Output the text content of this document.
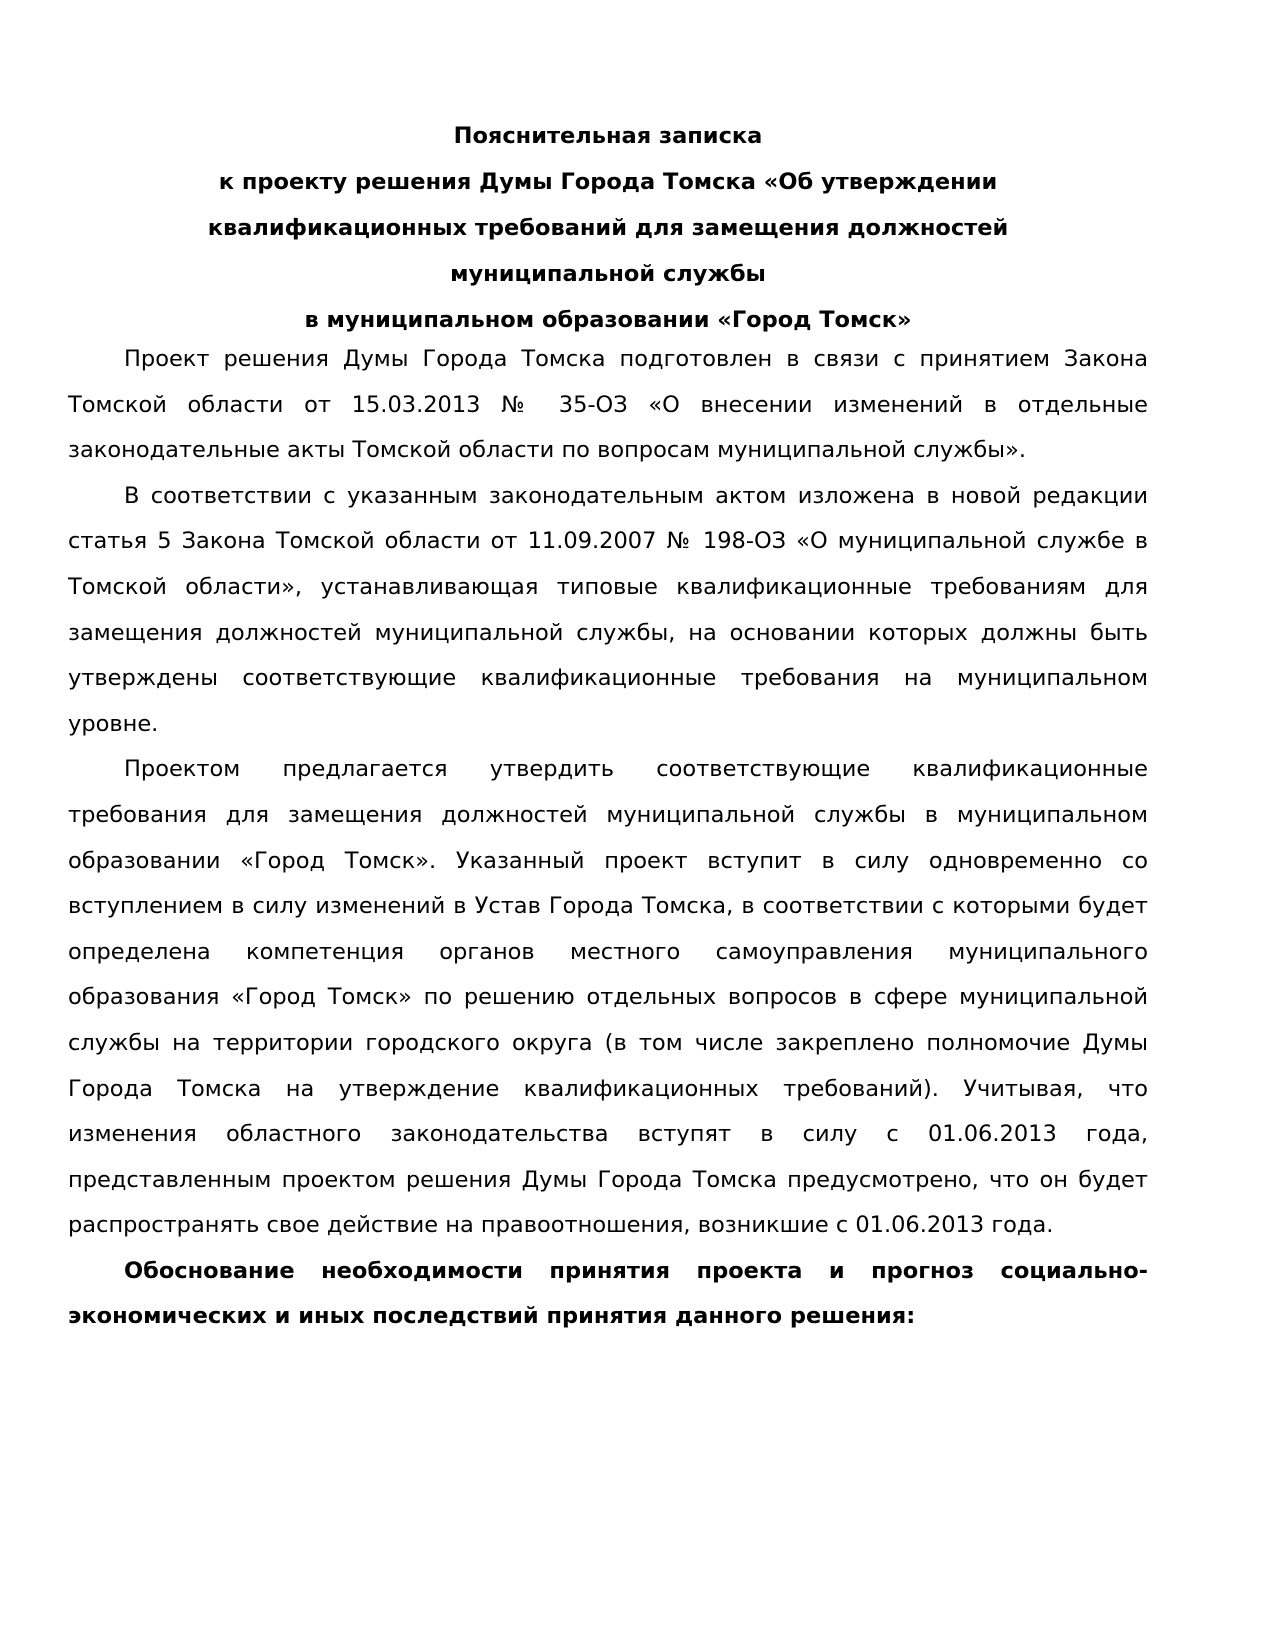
Пояснительная записка
к проекту решения Думы Города Томска «Об утверждении
квалификационных требований для замещения должностей
муниципальной службы
в муниципальном образовании «Город Томск»

Проект решения Думы Города Томска подготовлен в связи с принятием Закона Томской области от 15.03.2013 № 35-ОЗ «О внесении изменений в отдельные законодательные акты Томской области по вопросам муниципальной службы».

В соответствии с указанным законодательным актом изложена в новой редакции статья 5 Закона Томской области от 11.09.2007 № 198-ОЗ «О муниципальной службе в Томской области», устанавливающая типовые квалификационные требованиям для замещения должностей муниципальной службы, на основании которых должны быть утверждены соответствующие квалификационные требования на муниципальном уровне.

Проектом предлагается утвердить соответствующие квалификационные требования для замещения должностей муниципальной службы в муниципальном образовании «Город Томск». Указанный проект вступит в силу одновременно со вступлением в силу изменений в Устав Города Томска, в соответствии с которыми будет определена компетенция органов местного самоуправления муниципального образования «Город Томск» по решению отдельных вопросов в сфере муниципальной службы на территории городского округа (в том числе закреплено полномочие Думы Города Томска на утверждение квалификационных требований). Учитывая, что изменения областного законодательства вступят в силу с 01.06.2013 года, представленным проектом решения Думы Города Томска предусмотрено, что он будет распространять свое действие на правоотношения, возникшие с 01.06.2013 года.

Обоснование необходимости принятия проекта и прогноз социально-экономических и иных последствий принятия данного решения:
